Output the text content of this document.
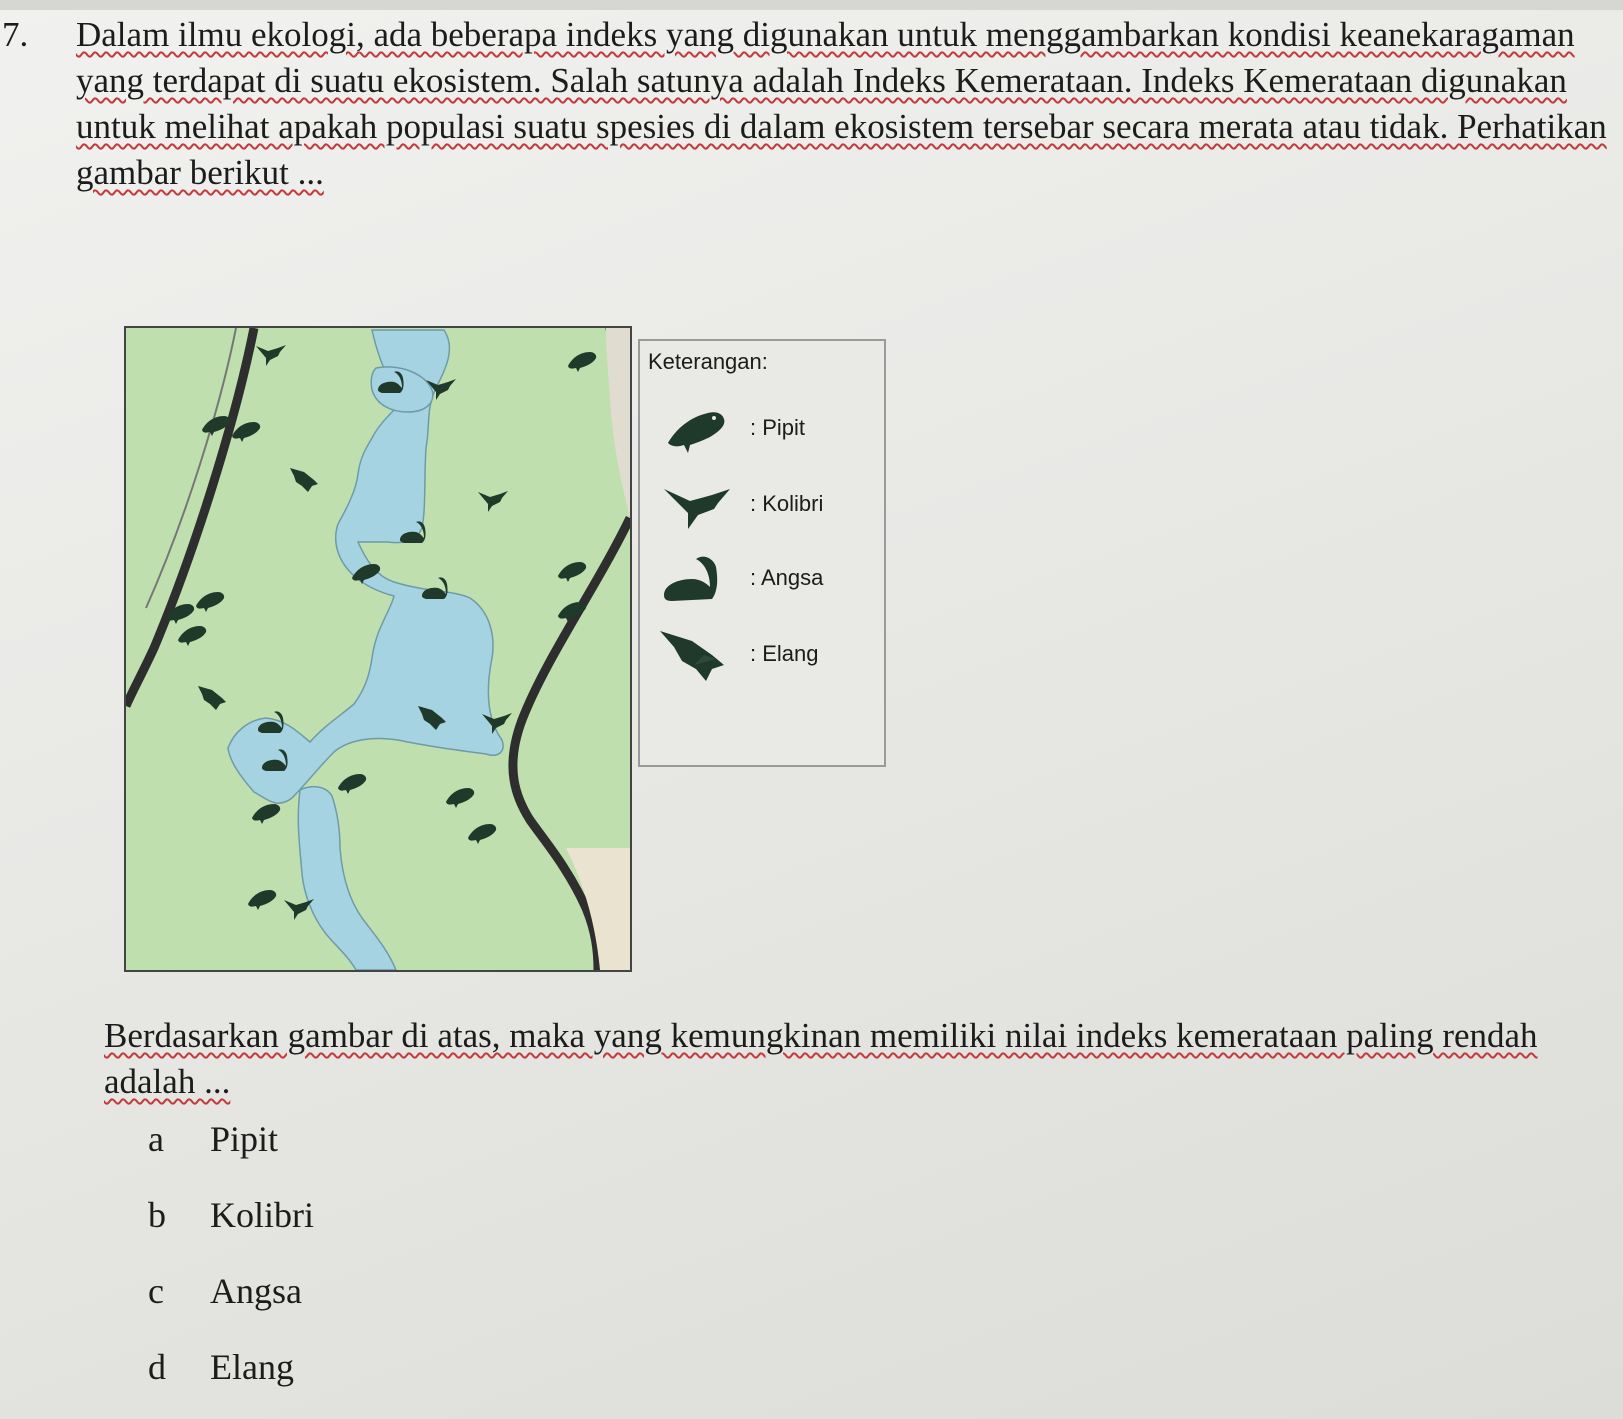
7. Dalam ilmu ekologi, ada beberapa indeks yang digunakan untuk menggambarkan kondisi keanekaragaman yang terdapat di suatu ekosistem. Salah satunya adalah Indeks Kemerataan. Indeks Kemerataan digunakan untuk melihat apakah populasi suatu spesies di dalam ekosistem tersebar secara merata atau tidak. Perhatikan gambar berikut ...
Keterangan:
: Pipit
: Kolibri
: Angsa
: Elang
Berdasarkan gambar di atas, maka yang kemungkinan memiliki nilai indeks kemerataan paling rendah adalah ...
a Pipit
b Kolibri
c Angsa
d Elang
